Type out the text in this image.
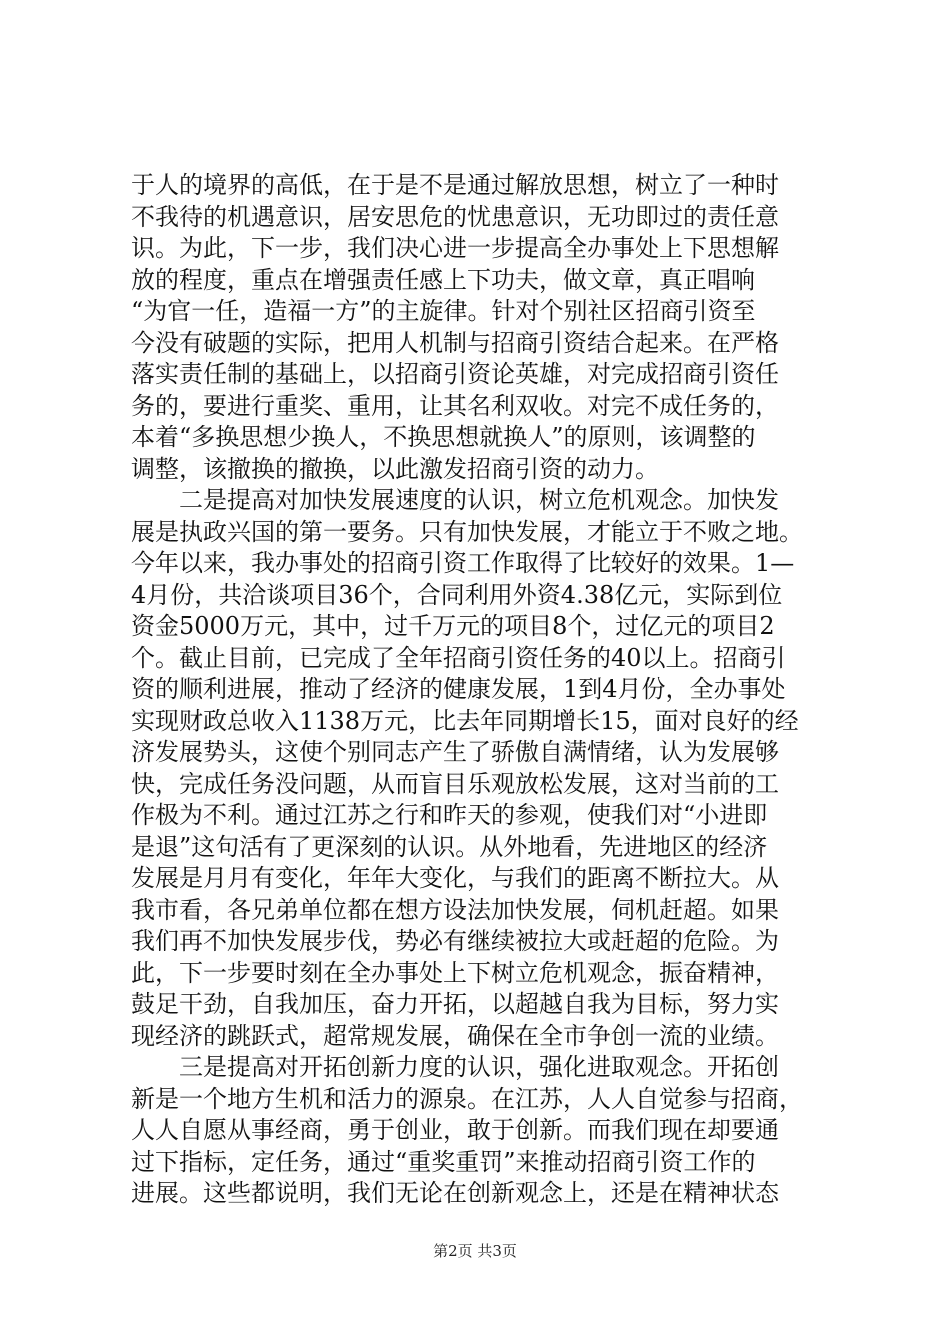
于人的境界的高低，在于是不是通过解放思想，树立了一种时
不我待的机遇意识，居安思危的忧患意识，无功即过的责任意
识。为此，下一步，我们决心进一步提高全办事处上下思想解
放的程度，重点在增强责任感上下功夫，做文章，真正唱响
“为官一任，造福一方”的主旋律。针对个别社区招商引资至
今没有破题的实际，把用人机制与招商引资结合起来。在严格
落实责任制的基础上，以招商引资论英雄，对完成招商引资任
务的，要进行重奖、重用，让其名利双收。对完不成任务的，
本着“多换思想少换人，不换思想就换人”的原则，该调整的
调整，该撤换的撤换，以此激发招商引资的动力。
　　二是提高对加快发展速度的认识，树立危机观念。加快发
展是执政兴国的第一要务。只有加快发展，才能立于不败之地。
今年以来，我办事处的招商引资工作取得了比较好的效果。1—
4月份，共洽谈项目36个，合同利用外资4.38亿元，实际到位
资金5000万元，其中，过千万元的项目8个，过亿元的项目2
个。截止目前，已完成了全年招商引资任务的40以上。招商引
资的顺利进展，推动了经济的健康发展，1到4月份，全办事处
实现财政总收入1138万元，比去年同期增长15，面对良好的经
济发展势头，这使个别同志产生了骄傲自满情绪，认为发展够
快，完成任务没问题，从而盲目乐观放松发展，这对当前的工
作极为不利。通过江苏之行和昨天的参观，使我们对“小进即
是退”这句活有了更深刻的认识。从外地看，先进地区的经济
发展是月月有变化，年年大变化，与我们的距离不断拉大。从
我市看，各兄弟单位都在想方设法加快发展，伺机赶超。如果
我们再不加快发展步伐，势必有继续被拉大或赶超的危险。为
此，下一步要时刻在全办事处上下树立危机观念，振奋精神，
鼓足干劲，自我加压，奋力开拓，以超越自我为目标，努力实
现经济的跳跃式，超常规发展，确保在全市争创一流的业绩。
　　三是提高对开拓创新力度的认识，强化进取观念。开拓创
新是一个地方生机和活力的源泉。在江苏，人人自觉参与招商，
人人自愿从事经商，勇于创业，敢于创新。而我们现在却要通
过下指标，定任务，通过“重奖重罚”来推动招商引资工作的
进展。这些都说明，我们无论在创新观念上，还是在精神状态
第2页 共3页
